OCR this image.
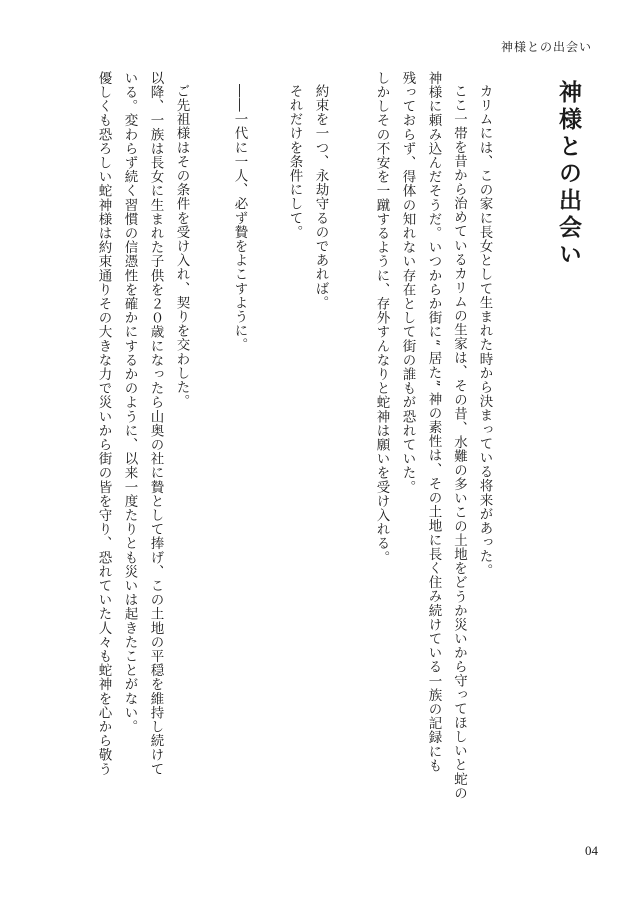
神様との出会い
神様との出会い
カリムには、この家に長女として生まれた時から決まっている将来があった。
ここ一帯を昔から治めているカリムの生家は、その昔、水難の多いこの土地をどうか災いから守ってほしいと蛇の
神様に頼み込んだそうだ。いつからか街に“ 居た” 神の素性は、その土地に長く住み続けている一族の記録にも
残っておらず、得体の知れない存在として街の誰もが恐れていた。
しかしその不安を一蹴するように、存外すんなりと蛇神は願いを受け入れる。
約束を一つ、永劫守るのであれば。
それだけを条件にして。
――一代に一人、必ず贄をよこすように。
ご先祖様はその条件を受け入れ、契りを交わした。
以降、一族は長女に生まれた子供を２０歳になったら山奥の社に贄として捧げ、この土地の平穏を維持し続けて
いる。変わらず続く習慣の信憑性を確かにするかのように、以来一度たりとも災いは起きたことがない。
優しくも恐ろしい蛇神様は約束通りその大きな力で災いから街の皆を守り、恐れていた人々も蛇神を心から敬う
04
